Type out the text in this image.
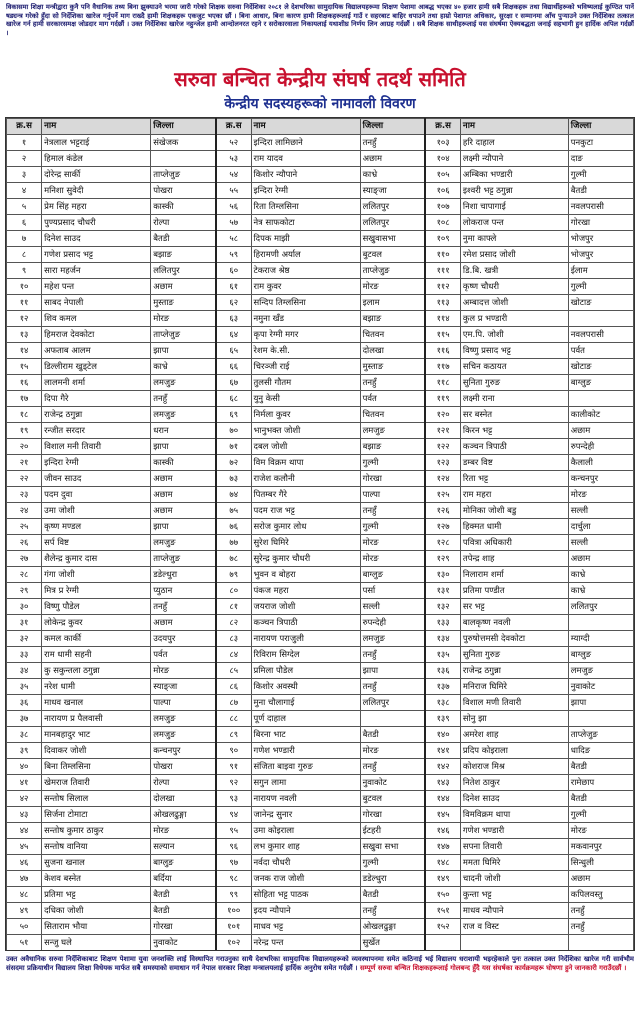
विकासमा शिक्षा मन्त्रीद्वारा कुनै पनि वैधानिक तथ्य बिना झुक्याउने भरमा जारी गरेको शिक्षक सरुवा निर्देशिका २०८१ ले देशभरिका सामुदायिक विद्यालयहरूमा शिक्षण पेशामा आबद्ध भएका ४० हजार हामी सबै शिक्षकहरू तथा विद्यार्थीहरूको भविष्यलाई कुण्ठित पार्ने षड्यन्त्र गरेको हुँदा सो निर्देशिका खारेज गर्नुपर्ने माग राख्दै हामी शिक्षकहरू एकजुट भएका छौं । बिना आधार, बिना कारण हामी शिक्षकहरूलाई गाउँ र सहरबाट बाहिर धपाउने तथा हाम्रो पेशागत अधिकार, सुरक्षा र सम्मानमा आँच पुर्‍याउने उक्त निर्देशिका तत्काल खारेज गर्न हामी सरकारसमक्ष जोडदार माग गर्दछौं । उक्त निर्देशिका खारेज नहुन्जेल हामी आन्दोलनरत रहने र सरोकारवाला निकायलाई यथाशीघ्र निर्णय लिन आग्रह गर्दछौं । सबै शिक्षक साथीहरूलाई यस संघर्षमा ऐक्यबद्धता जनाई सहभागी हुन हार्दिक अपिल गर्दछौं ।
सरुवा बन्चित केन्द्रीय संघर्ष तदर्थ समिति
केन्द्रीय सदस्यहरूको नामावली विवरण
क्र.स	नाम	जिल्ला	क्र.स	नाम	जिल्ला	क्र.स	नाम	जिल्ला
१	नेत्रलाल भट्टराई	संखेजक	५२	इन्दिरा लामिछाने	तनहुँ	१०३	हरि दाहाल	पनकुटा
२	हिमाल कंडेल		५३	राम यादव	अछाम	१०४	लक्ष्मी न्यौपाने	दाङ
३	दोरेन्द्र सार्की	ताप्लेजुङ	५४	किशोर न्यौपाने	काभ्रे	१०५	अम्बिका भण्डारी	गुल्मी
४	मनिशा सुवेदी	पोखरा	५५	इन्दिरा रेग्मी	स्याङ्जा	१०६	इश्वरी भट्ट ठगुन्ना	बैतडी
५	प्रेम सिंह महरा	कास्की	५६	रिता तिम्लसिना	ललितपुर	१०७	निशा चापागाई	नवलपरासी
६	पुण्यप्रसाद चौधरी	रोल्पा	५७	नेत्र साफकोटा	ललितपुर	१०८	लोकराज पन्त	गोरखा
७	दिनेश साउद	बैतडी	५८	दिपक माझी	सखुवासभा	१०९	नुमा काफ्ले	भोजपुर
८	गणेश प्रसाद भट्ट	बझाङ	५९	हिरामणी अर्याल	बुटवल	११०	रमेश प्रसाद जोशी	भोजपुर
९	सारा महर्जन	ललितपुर	६०	टेकराज श्रेष्ठ	ताप्लेजुङ	१११	डि.बि. खत्री	ईलाम
१०	महेश पन्त	अछाम	६१	राम कुवर	मोरङ	११२	कृष्ण चौधरी	गुल्मी
११	साबद नेपाली	मुस्ताङ	६२	सन्दिप तिम्लसिना	इलाम	११३	अम्बादत्त जोशी	खोटाङ
१२	शिव कमल	मोरङ	६३	नमुना खँड	बझाङ	११४	कुल प्र भण्डारी	
१३	हिमराज देवकोटा	ताप्लेजुङ	६४	कृपा रेग्मी मगर	चितवन	११५	एम.पि. जोशी	नवलपरासी
१४	अफताब आलम	झापा	६५	रेशम के.सी.	दोलखा	११६	विष्णु प्रसाद भट्ट	पर्वत
१५	डिल्लीराम खुड्टेल	काभ्रे	६६	चिरञ्जी राई	मुस्ताङ	११७	सचिन कठायत	खोटाङ
१६	लालमनी शर्मा	लमजुङ	६७	तुलसी गौतम	तनहुँ	११८	सुनिता गुरुङ	बाग्लुङ
१७	दिपा गैरे	तनहुँ	६८	युनु केसी	पर्वत	११९	लक्ष्मी राना	
१८	राजेन्द्र ठगुन्ना	लमजुङ	६९	निर्मला कुवर	चितवन	१२०	सर बस्नेत	कालीकोट
१९	रन्जीत सरदार	धरान	७०	भानुभक्त जोशी	लमजुङ	१२१	किरन भट्ट	अछाम
२०	विशाल मनी तिवारी	झापा	७१	दबल जोशी	बझाङ	१२२	कञ्चन त्रिपाठी	रुपन्देही
२१	इन्दिरा रेग्मी	कास्की	७२	विम विक्रम थापा	गुल्मी	१२३	डम्बर विष्ट	कैलाली
२२	जीवन साउद	अछाम	७३	राजेश कलौनी	गोरखा	१२४	रिता भट्ट	कन्चनपुर
२३	पदम दुवा	अछाम	७४	पितम्बर गैरे	पाल्पा	१२५	राम महरा	मोरङ
२४	उमा जोशी	अछाम	७५	पदम राज भट्ट	तनहुँ	१२६	मोनिका जोशी बडु	सल्ली
२५	कृष्ण मण्डल	झापा	७६	सरोज कुमार लोध	गुल्मी	१२७	हिक्मत धामी	दार्चुला
२६	सर्प विष्ट	लमजुङ	७७	सुरेश घिमिरे	मोरङ	१२८	पवित्रा अधिकारी	सल्ली
२७	शैलेन्द्र कुमार दास	ताप्लेजुङ	७८	सुरेन्द्र कुमार चौधरी	मोरङ	१२९	तपेन्द्र शाह	अछाम
२८	गंगा जोशी	डडेल्धुरा	७९	भुवन व बोहरा	बाग्लुङ	१३०	निलाराम शर्मा	काभ्रे
२९	मित्र प्र रेग्मी	प्युठान	८०	पंकज महरा	पर्सा	१३१	प्रतिमा पण्डीत	काभ्रे
३०	विष्णु पौडेल	तनहुँ	८१	जयराज जोशी	सल्ली	१३२	सर भट्ट	ललितपुर
३१	लोकेन्द्र कुवर	अछाम	८२	कञ्चन त्रिपाठी	रुपन्देही	१३३	बालकृष्ण नवली	
३२	कमल कार्की	उदयपुर	८३	नारायण पराजुली	लमजुङ	१३४	पुरुषोत्तमसी देवकोटा	म्याग्दी
३३	राम धामी सहनी	पर्वत	८४	रिविराम सिग्देल	तनहुँ	१३५	सुनिता गुरुङ	बाग्लुङ
३४	कु सकुन्तला ठगुन्ना	मोरङ	८५	प्रमिला पौडेल	झापा	१३६	राजेन्द्र ठगुन्ना	लमजुङ
३५	नरेश धामी	स्याङ्जा	८६	किशोर अवस्थी	तनहुँ	१३७	मनिराज घिमिरे	नुवाकोट
३६	माधव खनाल	पाल्पा	८७	मुना चौलागाई	ललितपुर	१३८	विशाल मणी तिवारी	झापा
३७	नारायण प्र पैलवासी	लमजुङ	८८	पूर्ण दाहाल		१३९	सोनु झा	
३८	मानबहादुर भाट	लमजुङ	८९	बिरना भाट	बैतडी	१४०	अमरेश शाह	ताप्लेजुङ
३९	दिवाकर जोशी	कन्चनपुर	९०	गणेश भण्डारी	मोरङ	१४१	प्रदिप कोइराला	धादिङ
४०	बिना तिम्लसिना	पोखरा	९१	संजिता बाइवा गुरुङ	तनहुँ	१४२	कोशराज मिश्र	बैतडी
४१	खेमराज तिवारी	रोल्पा	९२	सगुन लामा	नुवाकोट	१४३	नितेश ठाकुर	रामेछाप
४२	सन्तोष सिलाल	दोलखा	९३	नारायण नवली	बुटवल	१४४	दिनेश साउद	बैतडी
४३	सिर्जना टोमाटा	ओखलढुङ्गा	९४	जानेन्द्र सुनार	गोरखा	१४५	विमविक्रम थापा	गुल्मी
४४	सन्तोष कुमार ठाकुर	मोरङ	९५	उमा कोइराला	ईटहरी	१४६	गणेश भण्डारी	मोरङ
४५	सन्तोष वानिया	सल्यान	९६	लभ कुमार शाह	सखुवा सभा	१४७	सपना तिवारी	मकवानपुर
४६	सुजना खनाल	बाग्लुङ	९७	नर्वदा चौधरी	गुल्मी	१४८	ममता घिमिरे	सिन्धुली
४७	केशव बस्नेत	बर्दिया	९८	जनक राज जोशी	डडेल्धुरा	१४९	चादनी जोशी	अछाम
४८	प्रतिमा भट्ट	बैतडी	९९	सोहिता भट्ट पाठक	बैतडी	१५०	कुन्ता भट्ट	कपिलवस्तु
४९	दधिका जोशी	बैतडी	१००	इदय न्यौपाने	तनहुँ	१५१	माधव न्यौपाने	तनहुँ
५०	सिताराम भौया	गोरखा	१०१	माधव भट्ट	ओखलढुङ्गा	१५२	राज व विस्ट	तनहुँ
५१	सन्जु घले	नुवाकोट	१०२	नरेन्द्र पन्त	सुर्खेत			
उक्त अवैधानिक सरुवा निर्देशिकाबाट शिक्षण पेशामा युवा जनशक्ति लाई विस्थापित गराउनुका साथै देशभरिका सामुदायिक विद्यालयहरूको व्यवस्थापनमा समेत कठिनाई भई विद्यालय धराशायी भइरहेकाले पुनः तत्काल उक्त निर्देशिका खारेज गरी सार्वभौम संसदमा प्रक्रियाधीन विद्यालय शिक्षा विधेयक मार्फत सबै समस्याको समाधान गर्न नेपाल सरकार शिक्षा मन्त्रालयलाई हार्दिक अनुरोध समेत गर्दछौं । सम्पूर्ण सरुवा बन्चित शिक्षकहरूलाई गोलबन्द हुँदै यस संघर्षका कार्यक्रमहरू घोषणा हुने जानकारी गराउँदछौं ।
